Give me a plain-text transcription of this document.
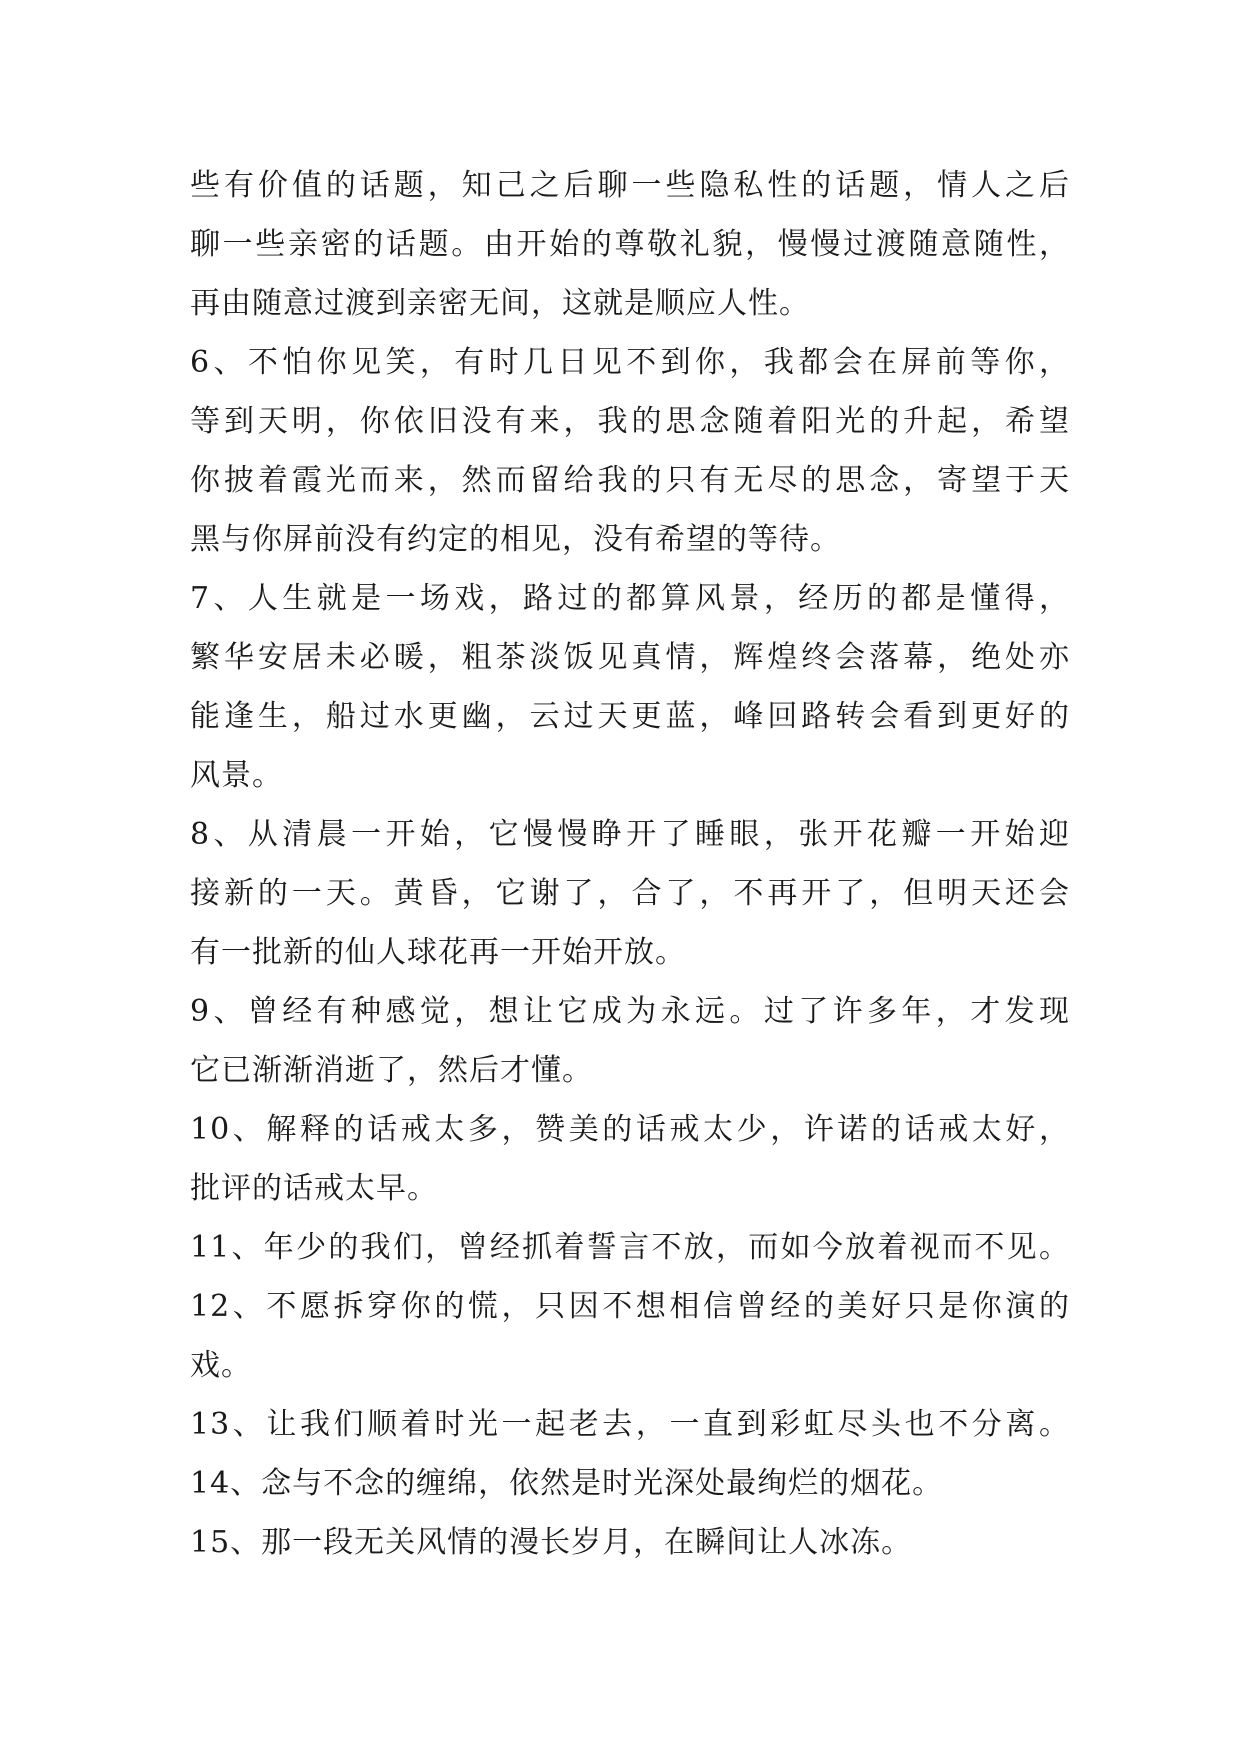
些有价值的话题，知己之后聊一些隐私性的话题，情人之后
聊一些亲密的话题。由开始的尊敬礼貌，慢慢过渡随意随性，
再由随意过渡到亲密无间，这就是顺应人性。
6、不怕你见笑，有时几日见不到你，我都会在屏前等你，
等到天明，你依旧没有来，我的思念随着阳光的升起，希望
你披着霞光而来，然而留给我的只有无尽的思念，寄望于天
黑与你屏前没有约定的相见，没有希望的等待。
7、人生就是一场戏，路过的都算风景，经历的都是懂得，
繁华安居未必暖，粗茶淡饭见真情，辉煌终会落幕，绝处亦
能逢生，船过水更幽，云过天更蓝，峰回路转会看到更好的
风景。
8、从清晨一开始，它慢慢睁开了睡眼，张开花瓣一开始迎
接新的一天。黄昏，它谢了，合了，不再开了，但明天还会
有一批新的仙人球花再一开始开放。
9、曾经有种感觉，想让它成为永远。过了许多年，才发现
它已渐渐消逝了，然后才懂。
10、解释的话戒太多，赞美的话戒太少，许诺的话戒太好，
批评的话戒太早。
11、年少的我们，曾经抓着誓言不放，而如今放着视而不见。
12、不愿拆穿你的慌，只因不想相信曾经的美好只是你演的
戏。
13、让我们顺着时光一起老去，一直到彩虹尽头也不分离。
14、念与不念的缠绵，依然是时光深处最绚烂的烟花。
15、那一段无关风情的漫长岁月，在瞬间让人冰冻。
